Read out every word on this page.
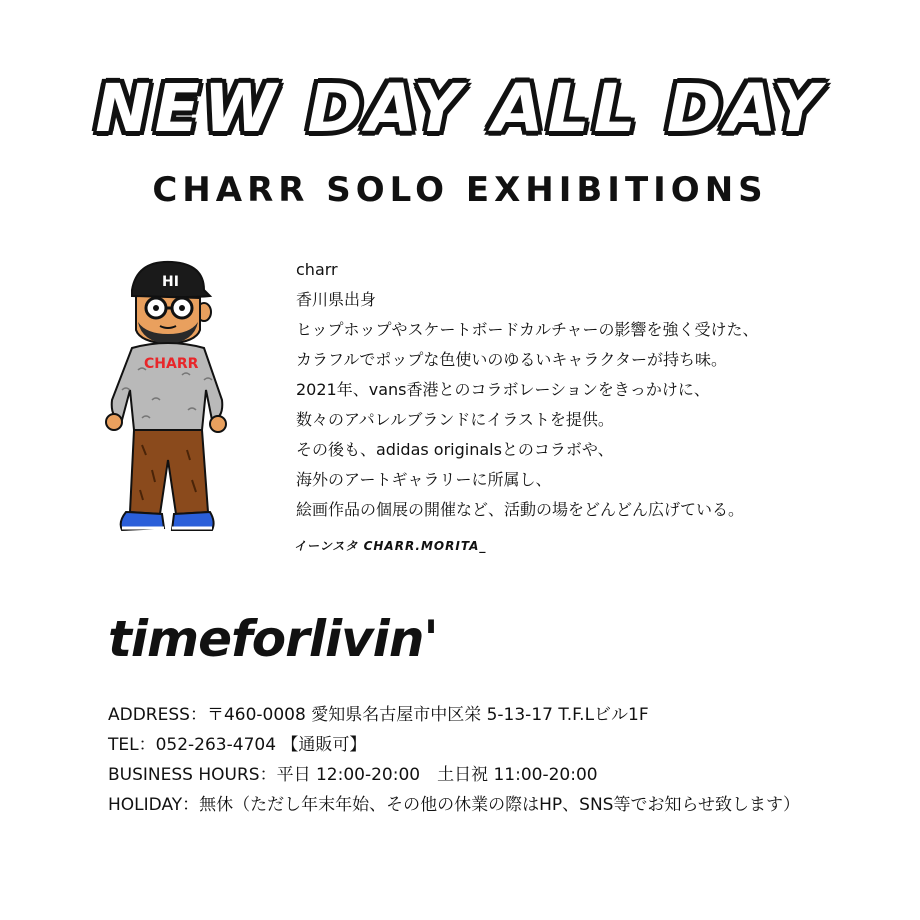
NEW DAY ALL DAY
CHARR SOLO EXHIBITIONS
HI
CHARR
charr
香川県出身
ヒップホップやスケートボードカルチャーの影響を強く受けた、
カラフルでポップな色使いのゆるいキャラクターが持ち味。
2021年、vans香港とのコラボレーションをきっかけに、
数々のアパレルブランドにイラストを提供。
その後も、adidas originalsとのコラボや、
海外のアートギャラリーに所属し、
絵画作品の個展の開催など、活動の場をどんどん広げている。
イーンスタ CHARR.MORITA_
timeforlivin'
ADDRESS：〒460-0008 愛知県名古屋市中区栄 5-13-17 T.F.Lビル1F
TEL：052-263-4704 【通販可】
BUSINESS HOURS：平日 12:00-20:00　土日祝 11:00-20:00
HOLIDAY：無休（ただし年末年始、その他の休業の際はHP、SNS等でお知らせ致します）
